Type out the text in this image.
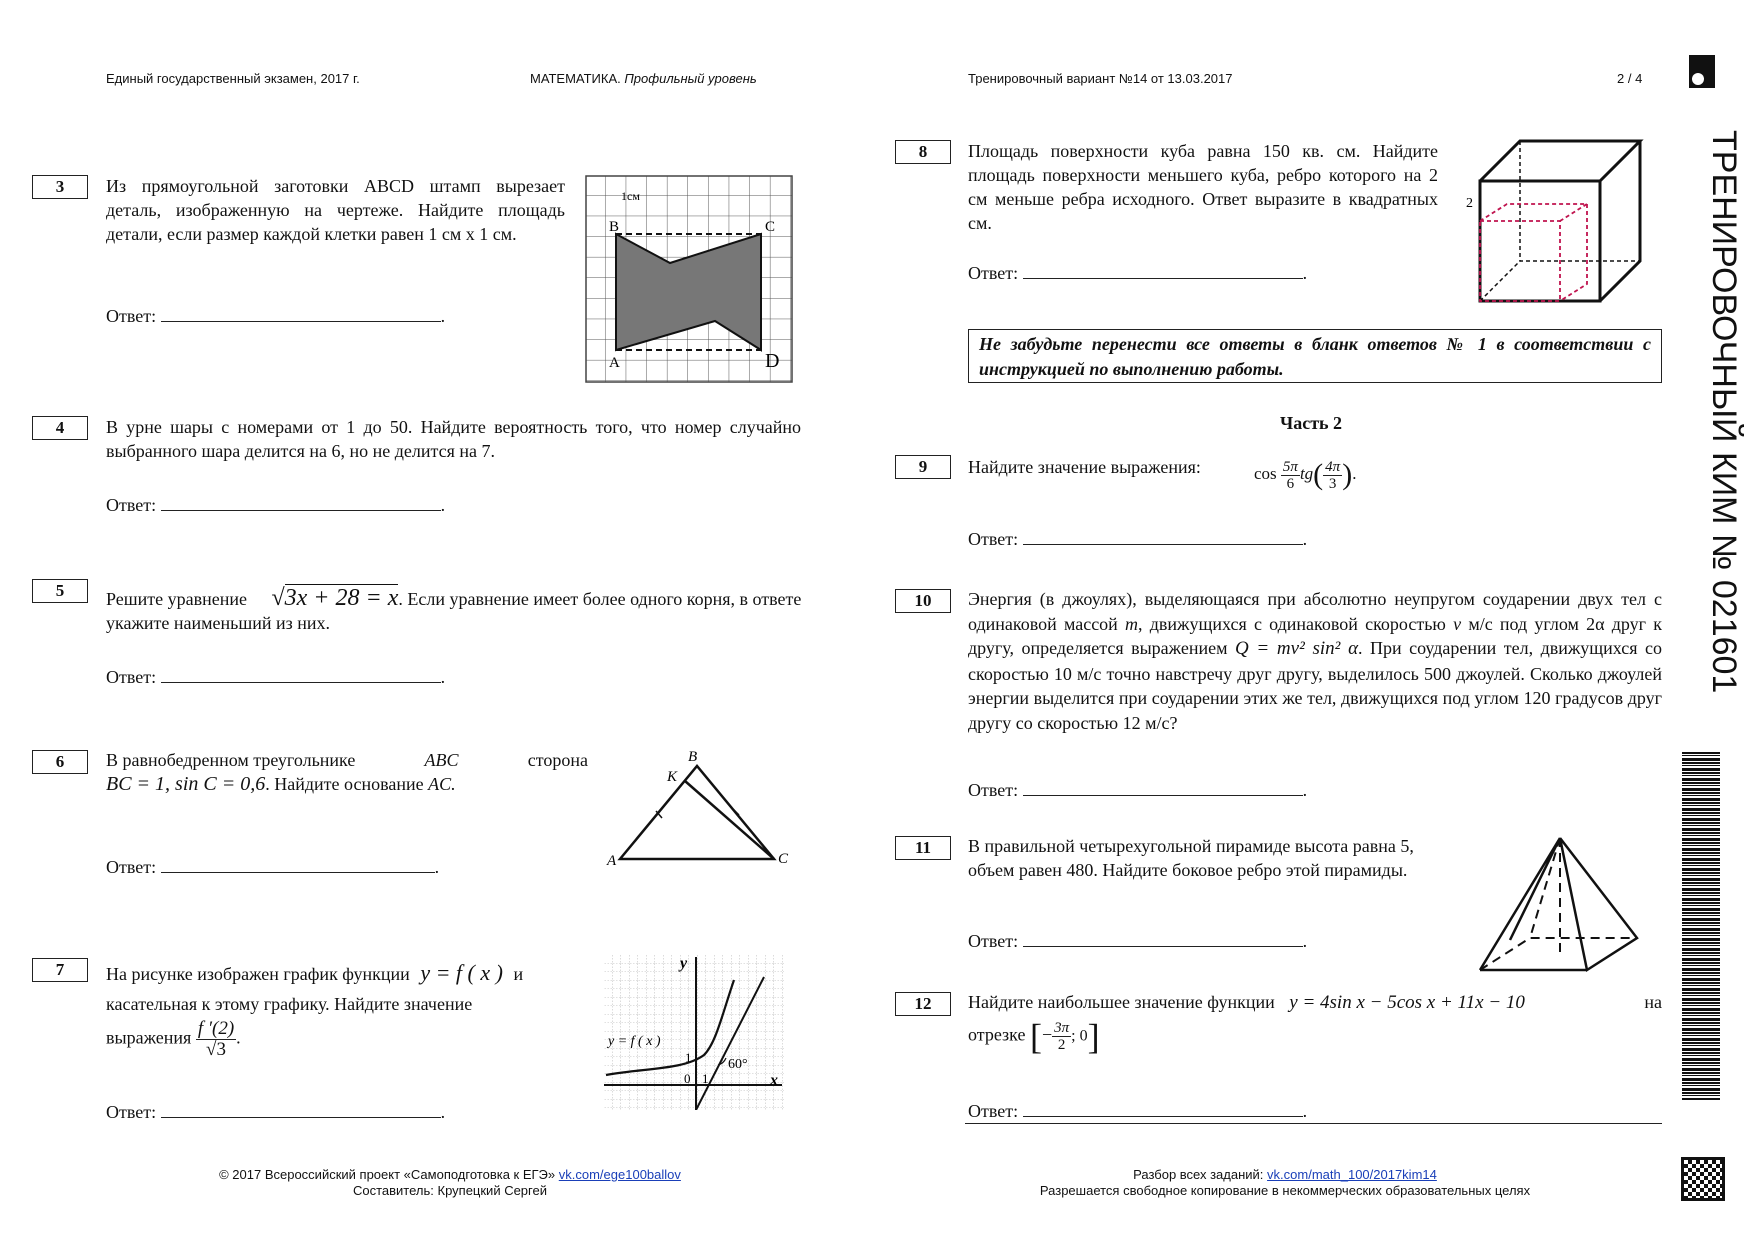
Единый государственный экзамен, 2017 г.	МАТЕМАТИКА. Профильный уровень	Тренировочный вариант №14 от 13.03.2017	2 / 4
ТРЕНИРОВОЧНЫЙ КИМ № 021601
3	Из прямоугольной заготовки ABCD штамп вырезает деталь, изображенную на чертеже. Найдите площадь детали, если размер каждой клетки равен 1 см х 1 см.
Ответ:	.
1см
B	C
A	D
4	В урне шары с номерами от 1 до 50. Найдите вероятность того, что номер случайно выбранного шара делится на 6, но не делится на 7.
Ответ:	.
5	Решите уравнение √3x + 28 = x. Если уравнение имеет более одного корня, в ответе укажите наименьший из них.
Ответ:	.
6	В равнобедренном треугольнике	ABC	сторона
BC = 1, sin C = 0,6. Найдите основание AC.
Ответ:	.	A
B
C
K
7	На рисунке изображен график функции y = f ( x ) и
касательная к этому графику. Найдите значение
выражения $\frac{f '(2)}{√3}$ .
Ответ:	.
y
x
y = f ( x )
1
0 1
60°
8	Площадь поверхности куба равна 150 кв. см. Найдите площадь поверхности меньшего куба, ребро которого на 2 см меньше ребра исходного. Ответ выразите в квадратных см.
Ответ:	.
2
Не забудьте перенести все ответы в бланк ответов № 1 в соответствии с инструкцией по выполнению работы.
Часть 2
9	Найдите значение выражения:	$\cos \frac{5\pi}{6} tg( \frac{4\pi}{3}$ ).
Ответ:	.
10	Энергия (в джоулях), выделяющаяся при абсолютно неупругом соударении двух тел с одинаковой массой m, движущихся с одинаковой скоростью v м/с под углом 2α друг к другу, определяется выражением Q = mv² sin² α. При соударении тел, движущихся со скоростью 10 м/с точно навстречу друг другу, выделилось 500 джоулей. Сколько джоулей энергии выделится при соударении этих же тел, движущихся под углом 120 градусов друг другу со скоростью 12 м/с?
Ответ:	.
11	В правильной четырехугольной пирамиде высота равна 5, объем равен 480. Найдите боковое ребро этой пирамиды.
Ответ:	.
12	Найдите наибольшее значение функции y = 4sin x − 5cos x + 11x − 10	на
отрезке [− $\frac{3\pi}{2}$ ; 0]
Ответ:	.
© 2017 Всероссийский проект «Самоподготовка к ЕГЭ» vk.com/ege100ballov
Составитель: Крупецкий Сергей
Разбор всех заданий: vk.com/math_100/2017kim14
Разрешается свободное копирование в некоммерческих образовательных целях
